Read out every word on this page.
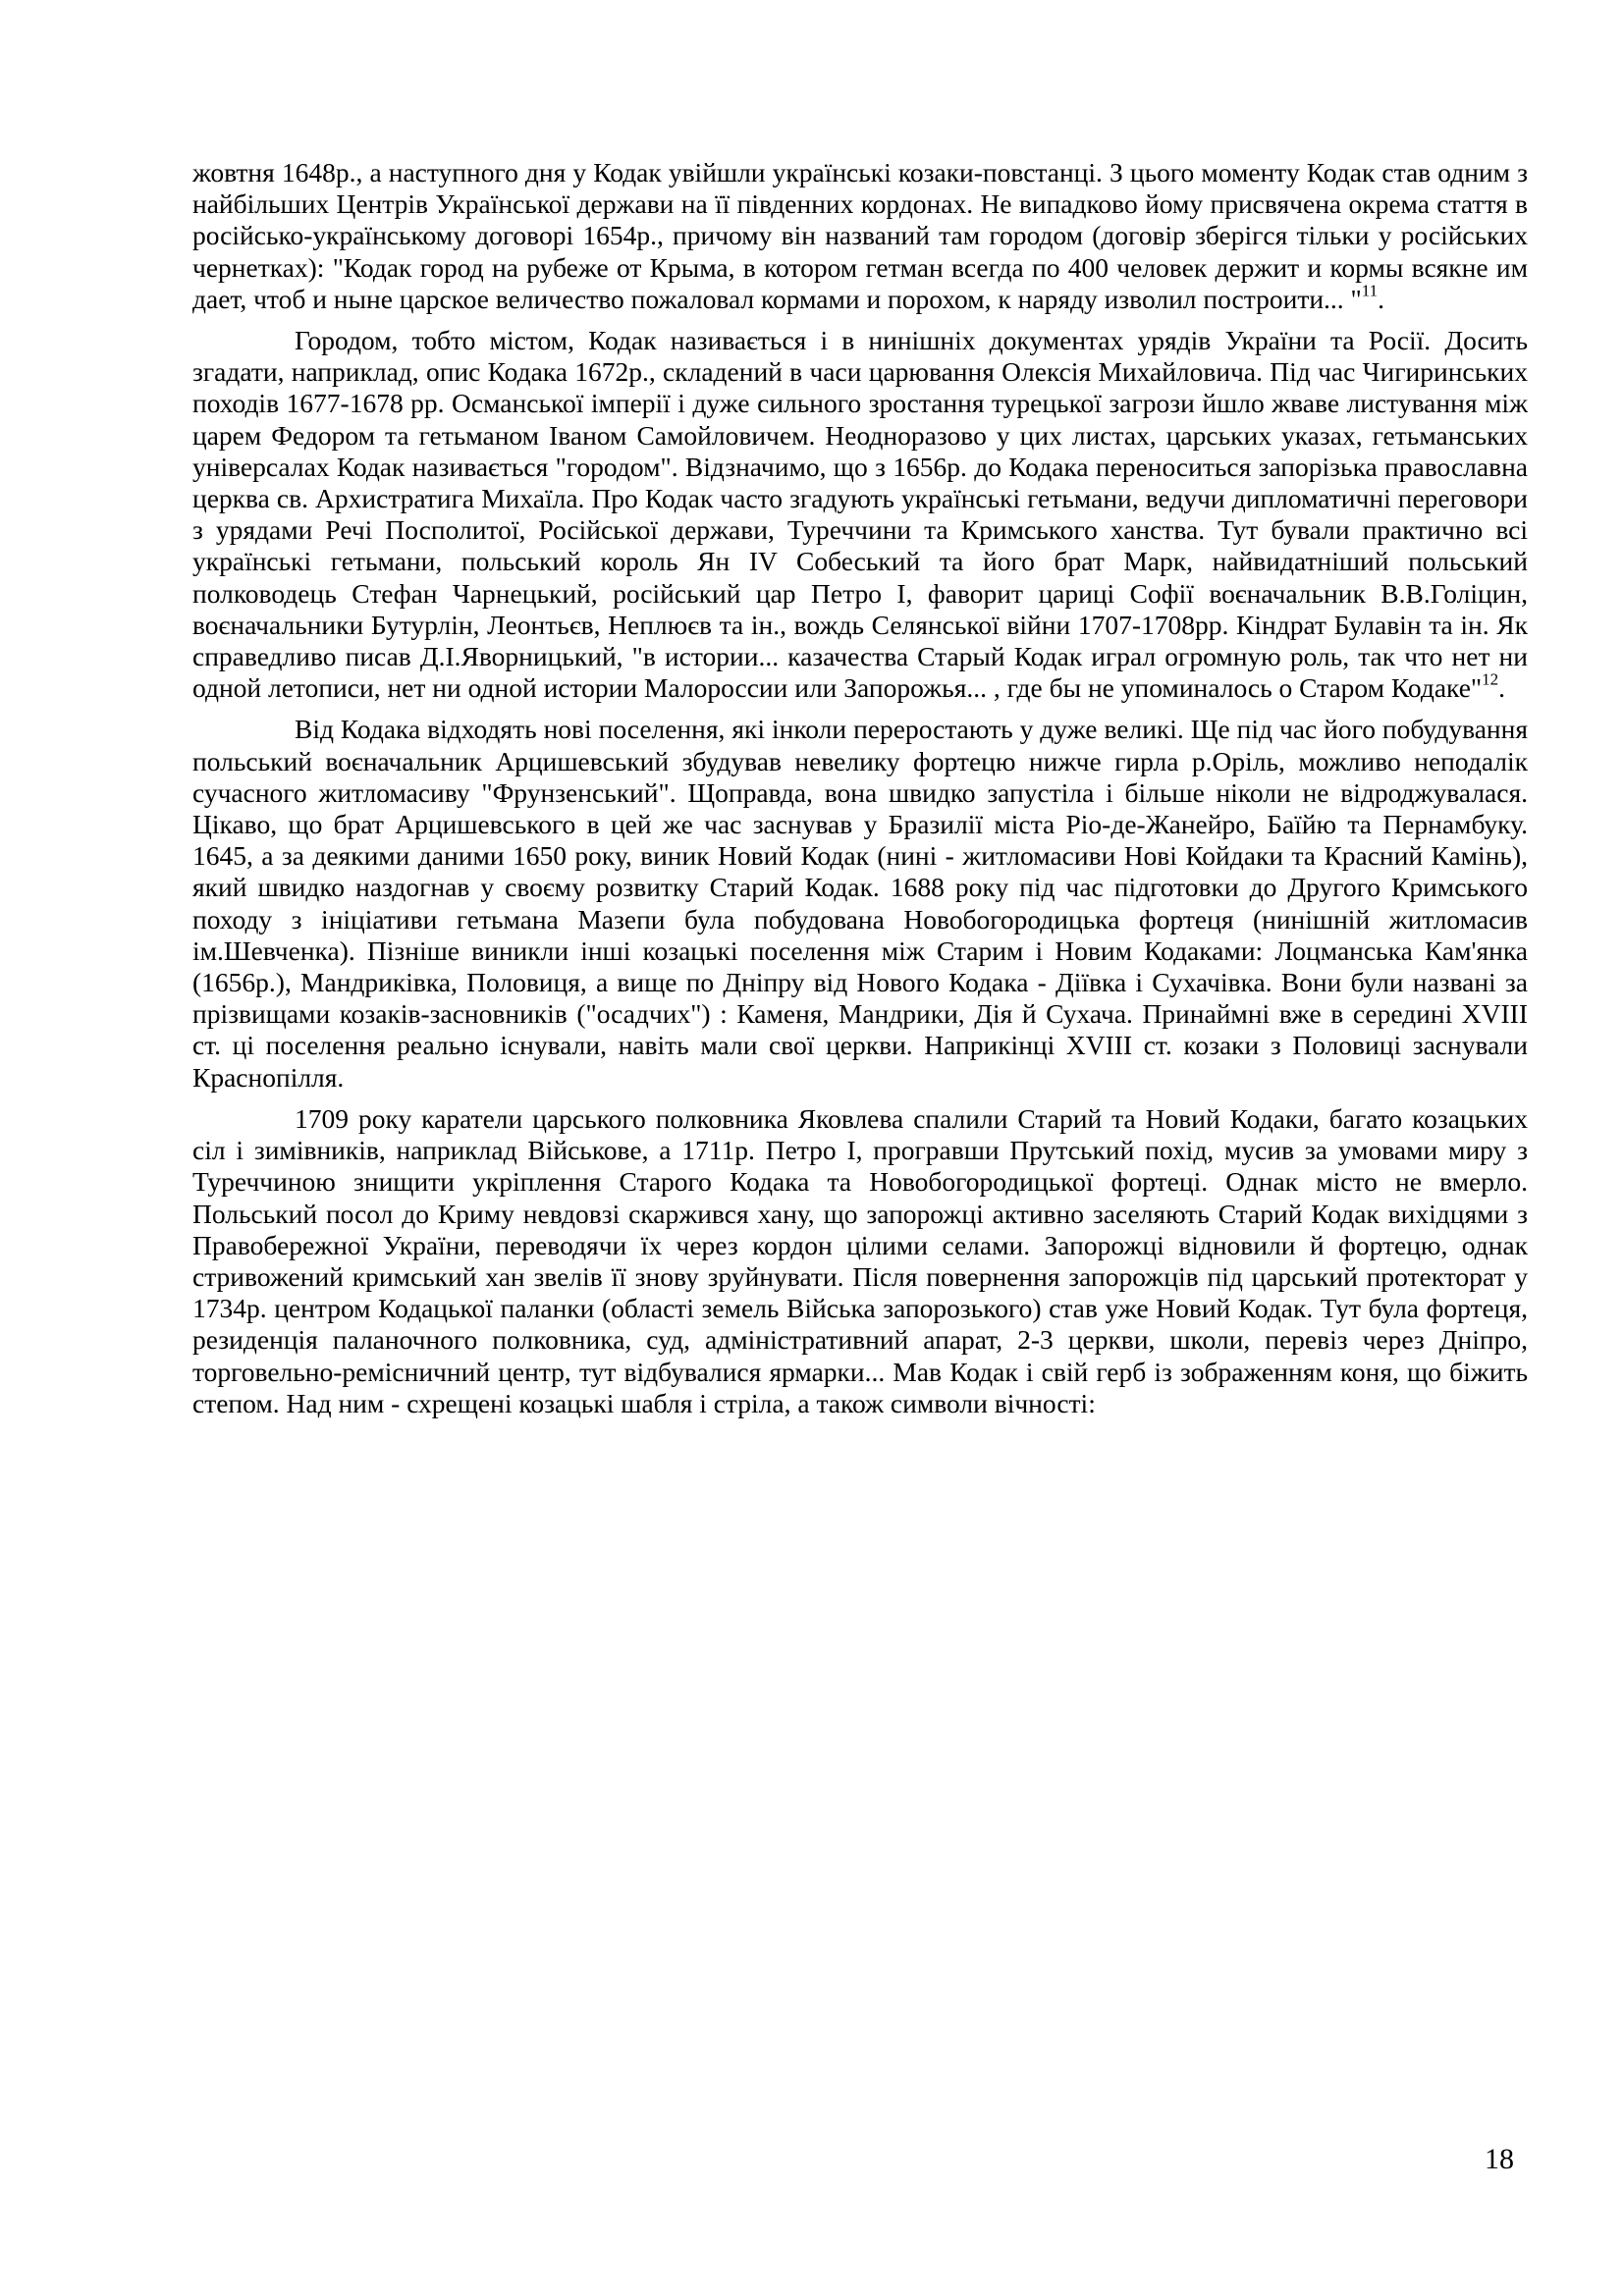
жовтня 1648р., а наступного дня у Кодак увійшли українські козаки-повстанці. З цього моменту Кодак став одним з найбільших Центрів Української держави на її південних кордонах. Не випадково йому присвячена окрема стаття в російсько-українському договорі 1654р., причому він названий там городом (договір зберігся тільки у російських чернетках): "Кодак город на рубеже от Крыма, в котором гетман всегда по 400 человек держит и кормы всякне им дает, чтоб и ныне царское величество пожаловал кормами и порохом, к наряду изволил построити... "$^{11}$.

Городом, тобто містом, Кодак називається і в нинішніх документах урядів України та Росії. Досить згадати, наприклад, опис Кодака 1672р., складений в часи царювання Олексія Михайловича. Під час Чигиринських походів 1677-1678 рр. Османської імперії і дуже сильного зростання турецької загрози йшло жваве листування між царем Федором та гетьманом Іваном Самойловичем. Неодноразово у цих листах, царських указах, гетьманських універсалах Кодак називається "городом". Відзначимо, що з 1656р. до Кодака переноситься запорізька православна церква св. Архистратига Михаїла. Про Кодак часто згадують українські гетьмани, ведучи дипломатичні переговори з урядами Речі Посполитої, Російської держави, Туреччини та Кримського ханства. Тут бували практично всі українські гетьмани, польський король Ян IV Собеський та його брат Марк, найвидатніший польський полководець Стефан Чарнецький, російський цар Петро І, фаворит цариці Софії воєначальник В.В.Голіцин, воєначальники Бутурлін, Леонтьєв, Неплюєв та ін., вождь Селянської війни 1707-1708рр. Кіндрат Булавін та ін. Як справедливо писав Д.І.Яворницький, "в истории... казачества Старый Кодак играл огромную роль, так что нет ни одной летописи, нет ни одной истории Малороссии или Запорожья... , где бы не упоминалось о Старом Кодаке"$^{12}$.

Від Кодака відходять нові поселення, які інколи переростають у дуже великі. Ще під час його побудування польський воєначальник Арцишевський збудував невелику фортецю нижче гирла р.Оріль, можливо неподалік сучасного житломасиву "Фрунзенський". Щоправда, вона швидко запустіла і більше ніколи не відроджувалася. Цікаво, що брат Арцишевського в цей же час заснував у Бразилії міста Ріо-де-Жанейро, Баїйю та Пернамбуку. 1645, а за деякими даними 1650 року, виник Новий Кодак (нині - житломасиви Нові Койдаки та Красний Камінь), який швидко наздогнав у своєму розвитку Старий Кодак. 1688 року під час підготовки до Другого Кримського походу з ініціативи гетьмана Мазепи була побудована Новобогородицька фортеця (нинішній житломасив ім.Шевченка). Пізніше виникли інші козацькі поселення між Старим і Новим Кодаками: Лоцманська Кам'янка (1656р.), Мандриківка, Половиця, а вище по Дніпру від Нового Кодака - Діївка і Сухачівка. Вони були названі за прізвищами козаків-засновників ("осадчих") : Каменя, Мандрики, Дія й Сухача. Принаймні вже в середині XVIII ст. ці поселення реально існували, навіть мали свої церкви. Наприкінці XVIII ст. козаки з Половиці заснували Краснопілля.

1709 року каратели царського полковника Яковлева спалили Старий та Новий Кодаки, багато козацьких сіл і зимівників, наприклад Військове, а 1711р. Петро І, програвши Прутський похід, мусив за умовами миру з Туреччиною знищити укріплення Старого Кодака та Новобогородицької фортеці. Однак місто не вмерло. Польський посол до Криму невдовзі скаржився хану, що запорожці активно заселяють Старий Кодак вихідцями з Правобережної України, переводячи їх через кордон цілими селами. Запорожці відновили й фортецю, однак стривожений кримський хан звелів її знову зруйнувати. Після повернення запорожців під царський протекторат у 1734р. центром Кодацької паланки (області земель Війська запорозького) став уже Новий Кодак. Тут була фортеця, резиденція паланочного полковника, суд, адміністративний апарат, 2-3 церкви, школи, перевіз через Дніпро, торговельно-ремісничний центр, тут відбувалися ярмарки... Мав Кодак і свій герб із зображенням коня, що біжить степом. Над ним - схрещені козацькі шабля і стріла, а також символи вічності:

18
